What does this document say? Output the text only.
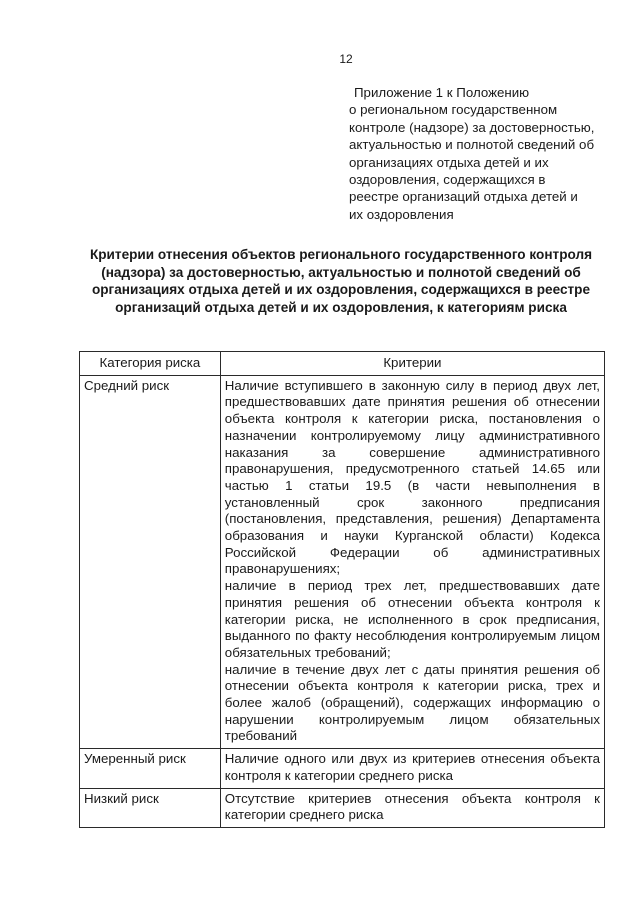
12
Приложение 1 к Положению
о региональном государственном
контроле (надзоре) за достоверностью,
актуальностью и полнотой сведений об
организациях отдыха детей и их
оздоровления, содержащихся в
реестре организаций отдыха детей и
их оздоровления
Критерии отнесения объектов регионального государственного контроля
(надзора) за достоверностью, актуальностью и полнотой сведений об
организациях отдыха детей и их оздоровления, содержащихся в реестре
организаций отдыха детей и их оздоровления, к категориям риска
Категория риска	Критерии
Средний риск	Наличие вступившего в законную силу в период двух лет, предшествовавших дате принятия решения об отнесении объекта контроля к категории риска, постановления о назначении контролируемому лицу административного наказания за совершение административного правонарушения, предусмотренного статьей 14.65 или частью 1 статьи 19.5 (в части невыполнения в установленный срок законного предписания (постановления, представления, решения) Департамента образования и науки Курганской области) Кодекса Российской Федерации об административных правонарушениях;
наличие в период трех лет, предшествовавших дате принятия решения об отнесении объекта контроля к категории риска, не исполненного в срок предписания, выданного по факту несоблюдения контролируемым лицом обязательных требований;
наличие в течение двух лет с даты принятия решения об отнесении объекта контроля к категории риска, трех и более жалоб (обращений), содержащих информацию о нарушении контролируемым лицом обязательных требований

Умеренный риск	Наличие одного или двух из критериев отнесения объекта контроля к категории среднего риска

Низкий риск	Отсутствие критериев отнесения объекта контроля к категории среднего риска
